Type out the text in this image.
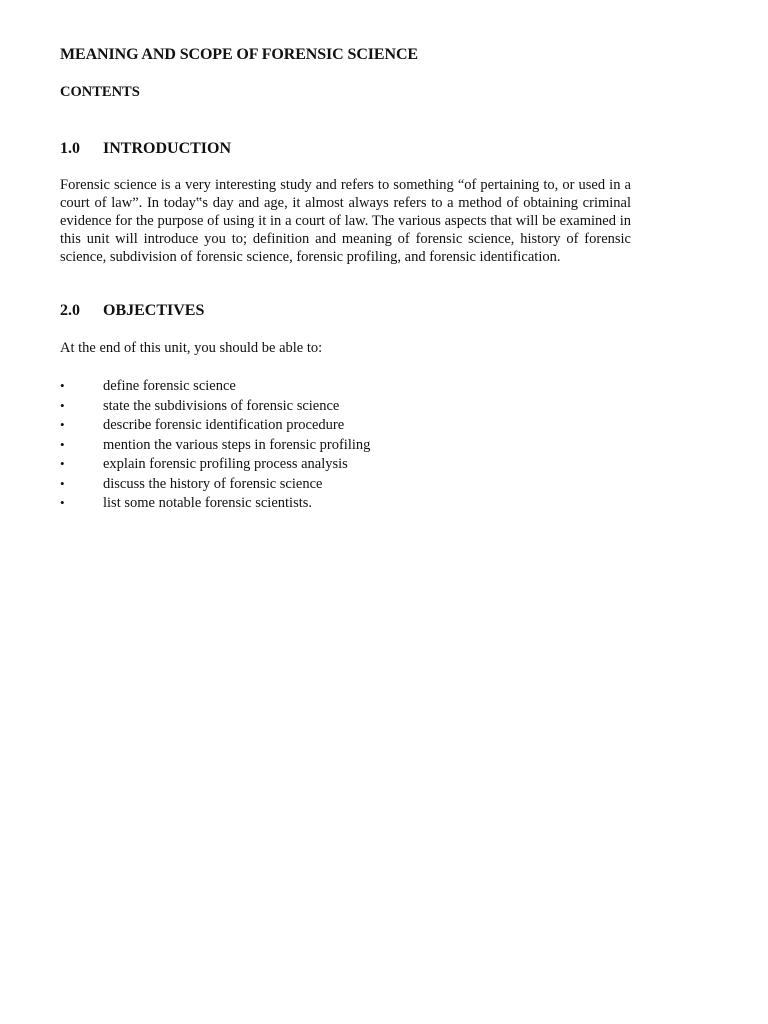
MEANING AND SCOPE OF FORENSIC SCIENCE
CONTENTS
1.0 INTRODUCTION

Forensic science is a very interesting study and refers to something “of pertaining to, or used in a court of law”. In today‟s day and age, it almost always refers to a method of obtaining criminal evidence for the purpose of using it in a court of law. The various aspects that will be examined in this unit will introduce you to; definition and meaning of forensic science, history of forensic science, subdivision of forensic science, forensic profiling, and forensic identification.

2.0 OBJECTIVES
At the end of this unit, you should be able to:
•	define forensic science
•	state the subdivisions of forensic science
•	describe forensic identification procedure
•	mention the various steps in forensic profiling
•	explain forensic profiling process analysis
•	discuss the history of forensic science
•	list some notable forensic scientists.
